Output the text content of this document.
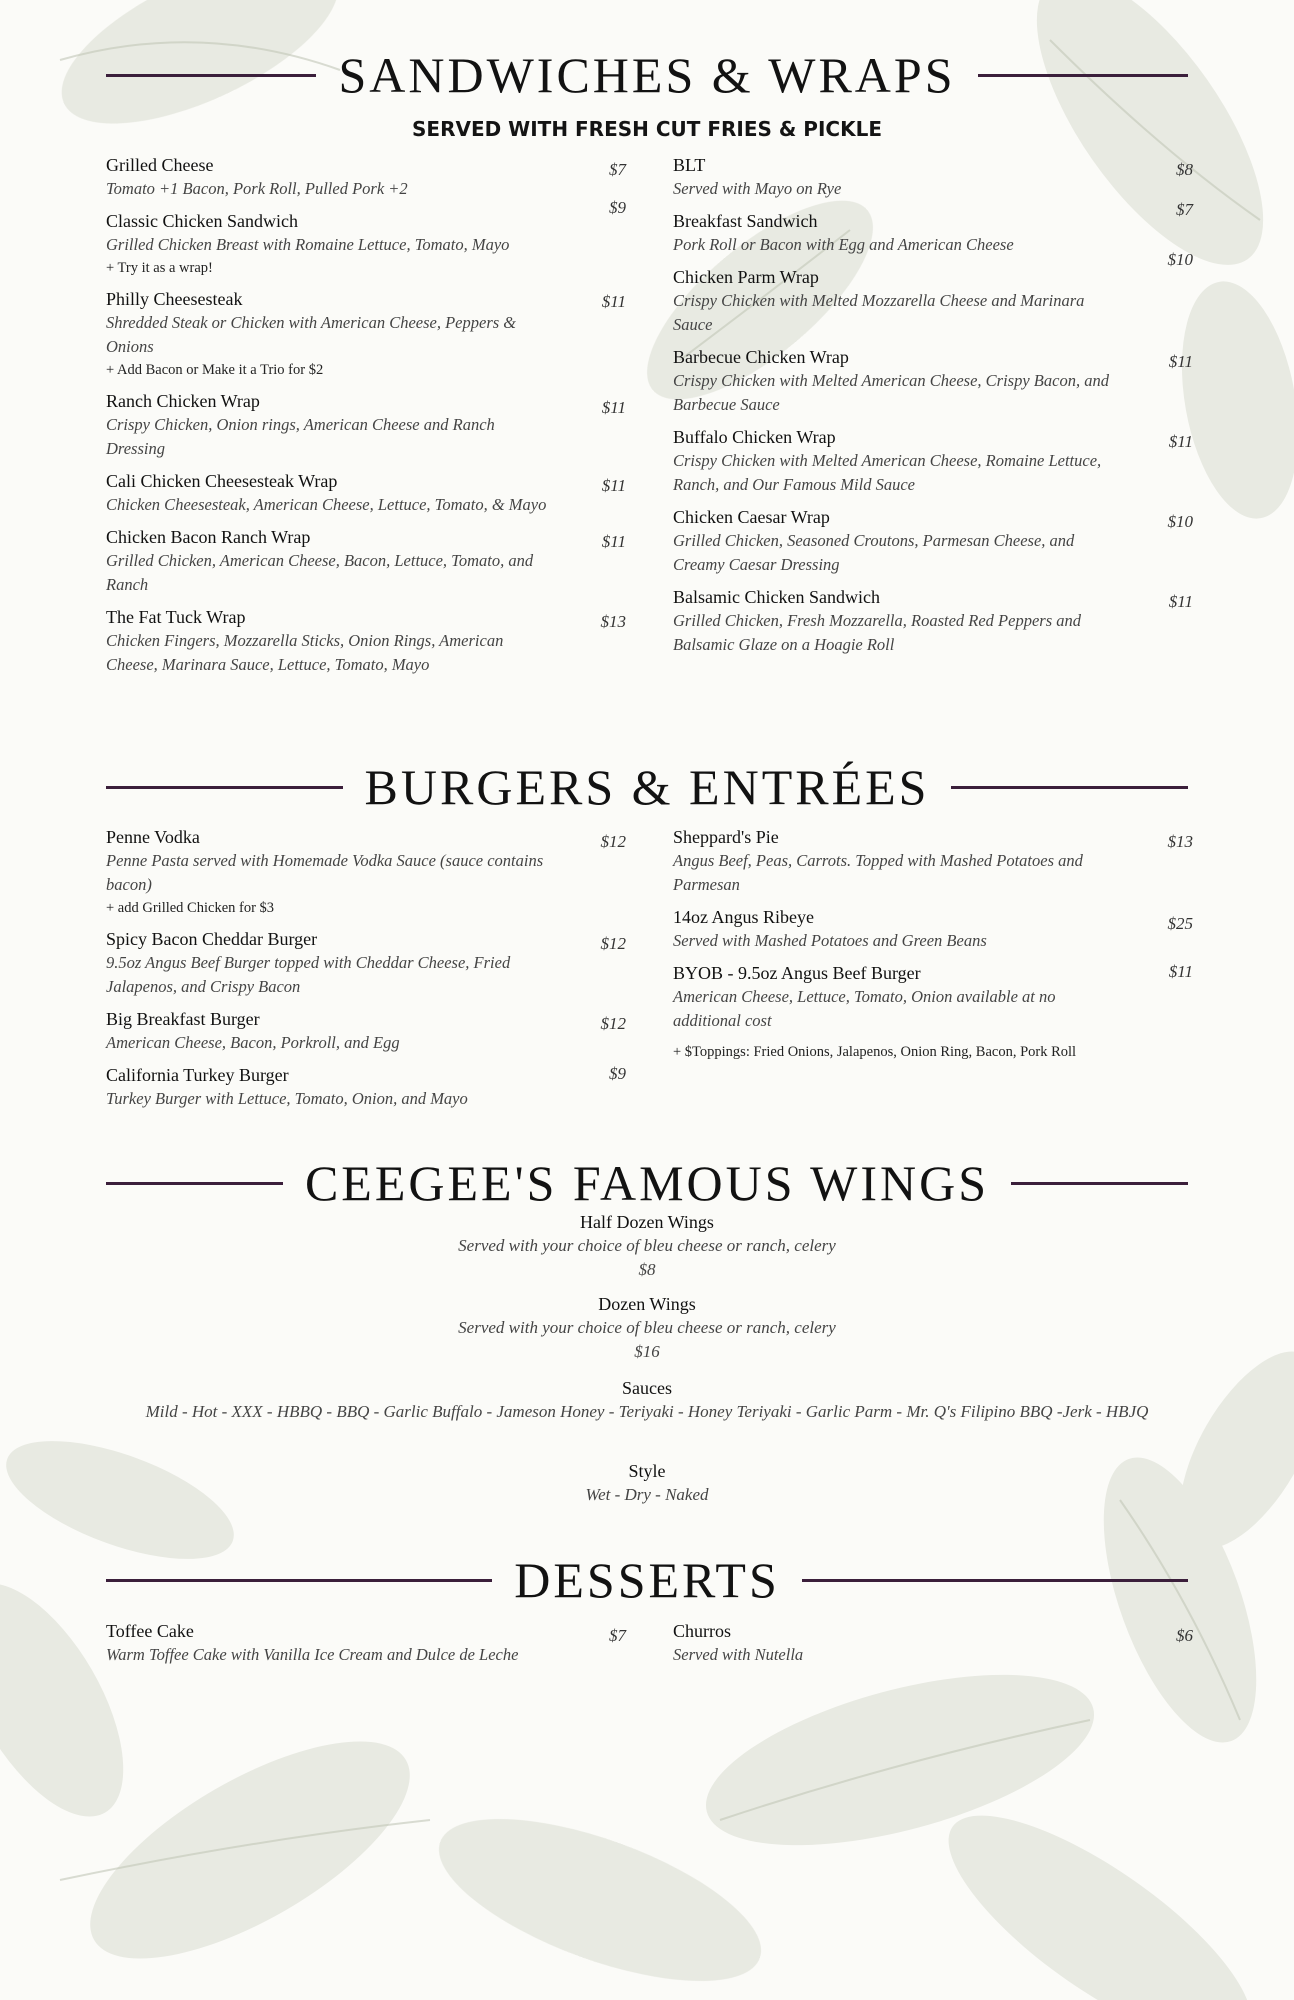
SANDWICHES & WRAPS
SERVED WITH FRESH CUT FRIES & PICKLE
Grilled Cheese
Tomato +1 Bacon, Pork Roll, Pulled Pork +2
$7
Classic Chicken Sandwich
Grilled Chicken Breast with Romaine Lettuce, Tomato, Mayo
+ Try it as a wrap!
$9
Philly Cheesesteak
Shredded Steak or Chicken with American Cheese, Peppers & Onions
+ Add Bacon or Make it a Trio for $2
$11
Ranch Chicken Wrap
Crispy Chicken, Onion rings, American Cheese and Ranch Dressing
$11
Cali Chicken Cheesesteak Wrap
Chicken Cheesesteak, American Cheese, Lettuce, Tomato, & Mayo
$11
Chicken Bacon Ranch Wrap
Grilled Chicken, American Cheese, Bacon, Lettuce, Tomato, and Ranch
$11
The Fat Tuck Wrap
Chicken Fingers, Mozzarella Sticks, Onion Rings, American Cheese, Marinara Sauce, Lettuce, Tomato, Mayo
$13
BLT
Served with Mayo on Rye
$8
Breakfast Sandwich
Pork Roll or Bacon with Egg and American Cheese
$7
Chicken Parm Wrap
Crispy Chicken with Melted Mozzarella Cheese and Marinara Sauce
$10
Barbecue Chicken Wrap
Crispy Chicken with Melted American Cheese, Crispy Bacon, and Barbecue Sauce
$11
Buffalo Chicken Wrap
Crispy Chicken with Melted American Cheese, Romaine Lettuce, Ranch, and Our Famous Mild Sauce
$11
Chicken Caesar Wrap
Grilled Chicken, Seasoned Croutons, Parmesan Cheese, and Creamy Caesar Dressing
$10
Balsamic Chicken Sandwich
Grilled Chicken, Fresh Mozzarella, Roasted Red Peppers and Balsamic Glaze on a Hoagie Roll
$11
BURGERS & ENTRÉES
Penne Vodka
Penne Pasta served with Homemade Vodka Sauce (sauce contains bacon)
+ add Grilled Chicken for $3
$12
Spicy Bacon Cheddar Burger
9.5oz Angus Beef Burger topped with Cheddar Cheese, Fried Jalapenos, and Crispy Bacon
$12
Big Breakfast Burger
American Cheese, Bacon, Porkroll, and Egg
$12
California Turkey Burger
Turkey Burger with Lettuce, Tomato, Onion, and Mayo
$9
Sheppard's Pie
Angus Beef, Peas, Carrots. Topped with Mashed Potatoes and Parmesan
$13
14oz Angus Ribeye
Served with Mashed Potatoes and Green Beans
$25
BYOB - 9.5oz Angus Beef Burger
American Cheese, Lettuce, Tomato, Onion available at no additional cost
+ $Toppings: Fried Onions, Jalapenos, Onion Ring, Bacon, Pork Roll
$11
CEEGEE'S FAMOUS WINGS
Half Dozen Wings
Served with your choice of bleu cheese or ranch, celery
$8
Dozen Wings
Served with your choice of bleu cheese or ranch, celery
$16
Sauces
Mild - Hot - XXX - HBBQ - BBQ - Garlic Buffalo - Jameson Honey - Teriyaki - Honey Teriyaki - Garlic Parm - Mr. Q's Filipino BBQ -Jerk - HBJQ
Style
Wet - Dry - Naked
DESSERTS
Toffee Cake
Warm Toffee Cake with Vanilla Ice Cream and Dulce de Leche
$7	Churros
Served with Nutella
$6
